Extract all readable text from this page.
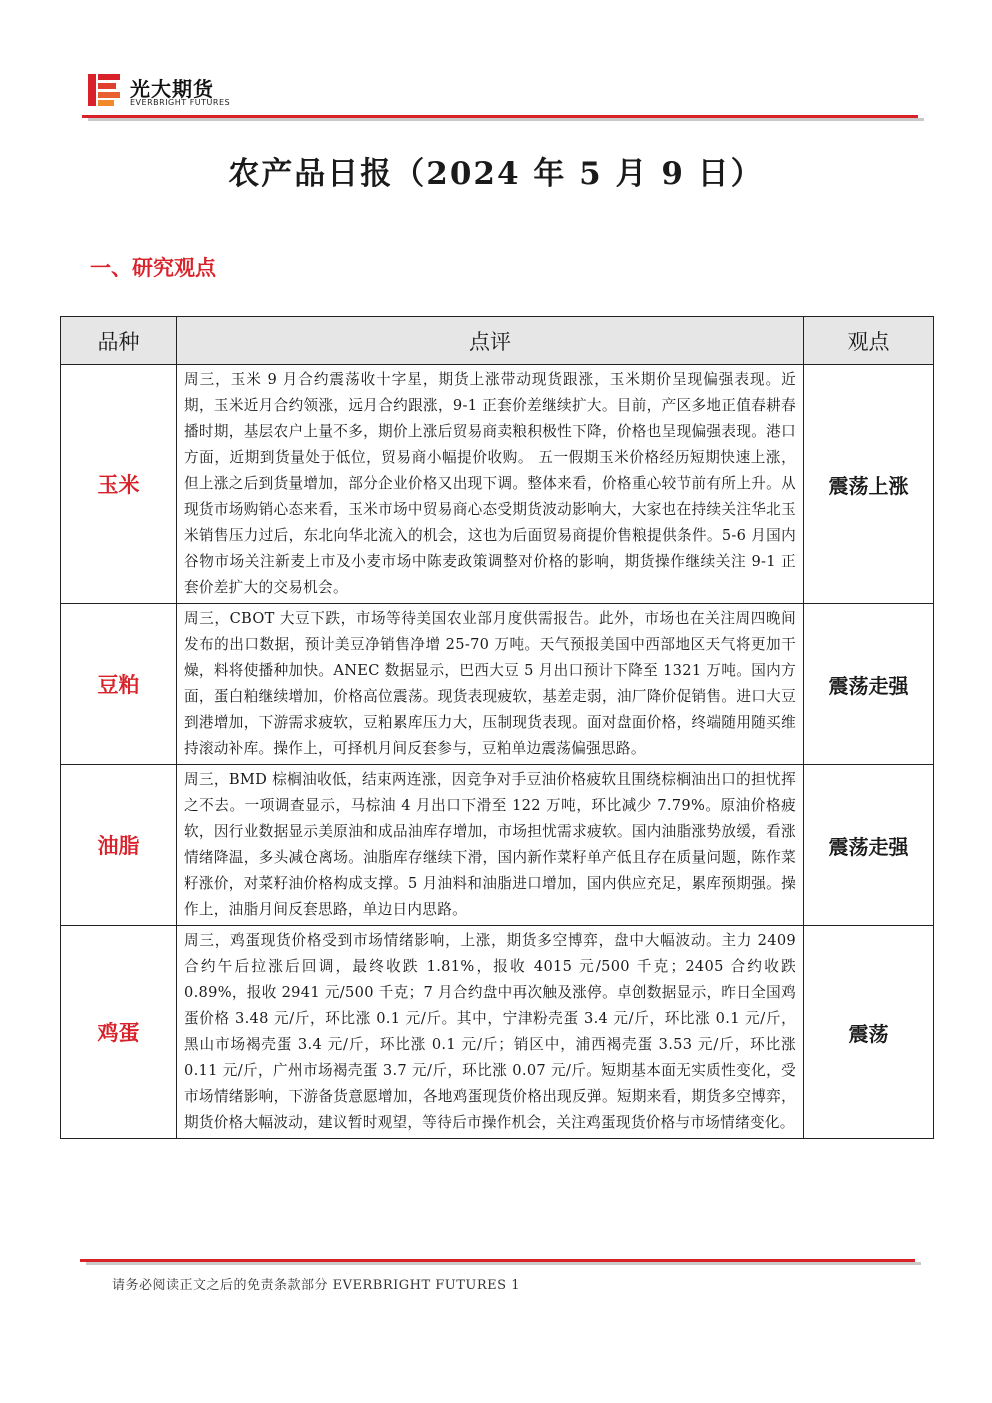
光大期货
EVERBRIGHT FUTURES
农产品日报（2024 年 5 月 9 日）
一、研究观点
品种	点评	观点
玉米	周三，玉米 9 月合约震荡收十字星，期货上涨带动现货跟涨，玉米期价呈现偏强表现。近期，玉米近月合约领涨，远月合约跟涨，9-1 正套价差继续扩大。目前，产区多地正值春耕春播时期，基层农户上量不多，期价上涨后贸易商卖粮积极性下降，价格也呈现偏强表现。港口方面，近期到货量处于低位，贸易商小幅提价收购。 五一假期玉米价格经历短期快速上涨，但上涨之后到货量增加，部分企业价格又出现下调。整体来看，价格重心较节前有所上升。从现货市场购销心态来看，玉米市场中贸易商心态受期货波动影响大，大家也在持续关注华北玉米销售压力过后，东北向华北流入的机会，这也为后面贸易商提价售粮提供条件。5-6 月国内谷物市场关注新麦上市及小麦市场中陈麦政策调整对价格的影响，期货操作继续关注 9-1 正套价差扩大的交易机会。	震荡上涨
豆粕	周三，CBOT 大豆下跌，市场等待美国农业部月度供需报告。此外，市场也在关注周四晚间发布的出口数据，预计美豆净销售净增 25-70 万吨。天气预报美国中西部地区天气将更加干燥，料将使播种加快。ANEC 数据显示，巴西大豆 5 月出口预计下降至 1321 万吨。国内方面，蛋白粕继续增加，价格高位震荡。现货表现疲软，基差走弱，油厂降价促销售。进口大豆到港增加，下游需求疲软，豆粕累库压力大，压制现货表现。面对盘面价格，终端随用随买维持滚动补库。操作上，可择机月间反套参与，豆粕单边震荡偏强思路。	震荡走强
油脂	周三，BMD 棕榈油收低，结束两连涨，因竞争对手豆油价格疲软且围绕棕榈油出口的担忧挥之不去。一项调查显示，马棕油 4 月出口下滑至 122 万吨，环比减少 7.79%。原油价格疲软，因行业数据显示美原油和成品油库存增加，市场担忧需求疲软。国内油脂涨势放缓，看涨情绪降温，多头减仓离场。油脂库存继续下滑，国内新作菜籽单产低且存在质量问题，陈作菜籽涨价，对菜籽油价格构成支撑。5 月油料和油脂进口增加，国内供应充足，累库预期强。操作上，油脂月间反套思路，单边日内思路。	震荡走强
鸡蛋	周三，鸡蛋现货价格受到市场情绪影响，上涨，期货多空博弈，盘中大幅波动。主力 2409 合约午后拉涨后回调，最终收跌 1.81%，报收 4015 元/500 千克；2405 合约收跌 0.89%，报收 2941 元/500 千克；7 月合约盘中再次触及涨停。卓创数据显示，昨日全国鸡蛋价格 3.48 元/斤，环比涨 0.1 元/斤。其中，宁津粉壳蛋 3.4 元/斤，环比涨 0.1 元/斤，黑山市场褐壳蛋 3.4 元/斤，环比涨 0.1 元/斤；销区中，浦西褐壳蛋 3.53 元/斤，环比涨 0.11 元/斤，广州市场褐壳蛋 3.7 元/斤，环比涨 0.07 元/斤。短期基本面无实质性变化，受市场情绪影响，下游备货意愿增加，各地鸡蛋现货价格出现反弹。短期来看，期货多空博弈，期货价格大幅波动，建议暂时观望，等待后市操作机会，关注鸡蛋现货价格与市场情绪变化。	震荡
请务必阅读正文之后的免责条款部分 EVERBRIGHT FUTURES 1
